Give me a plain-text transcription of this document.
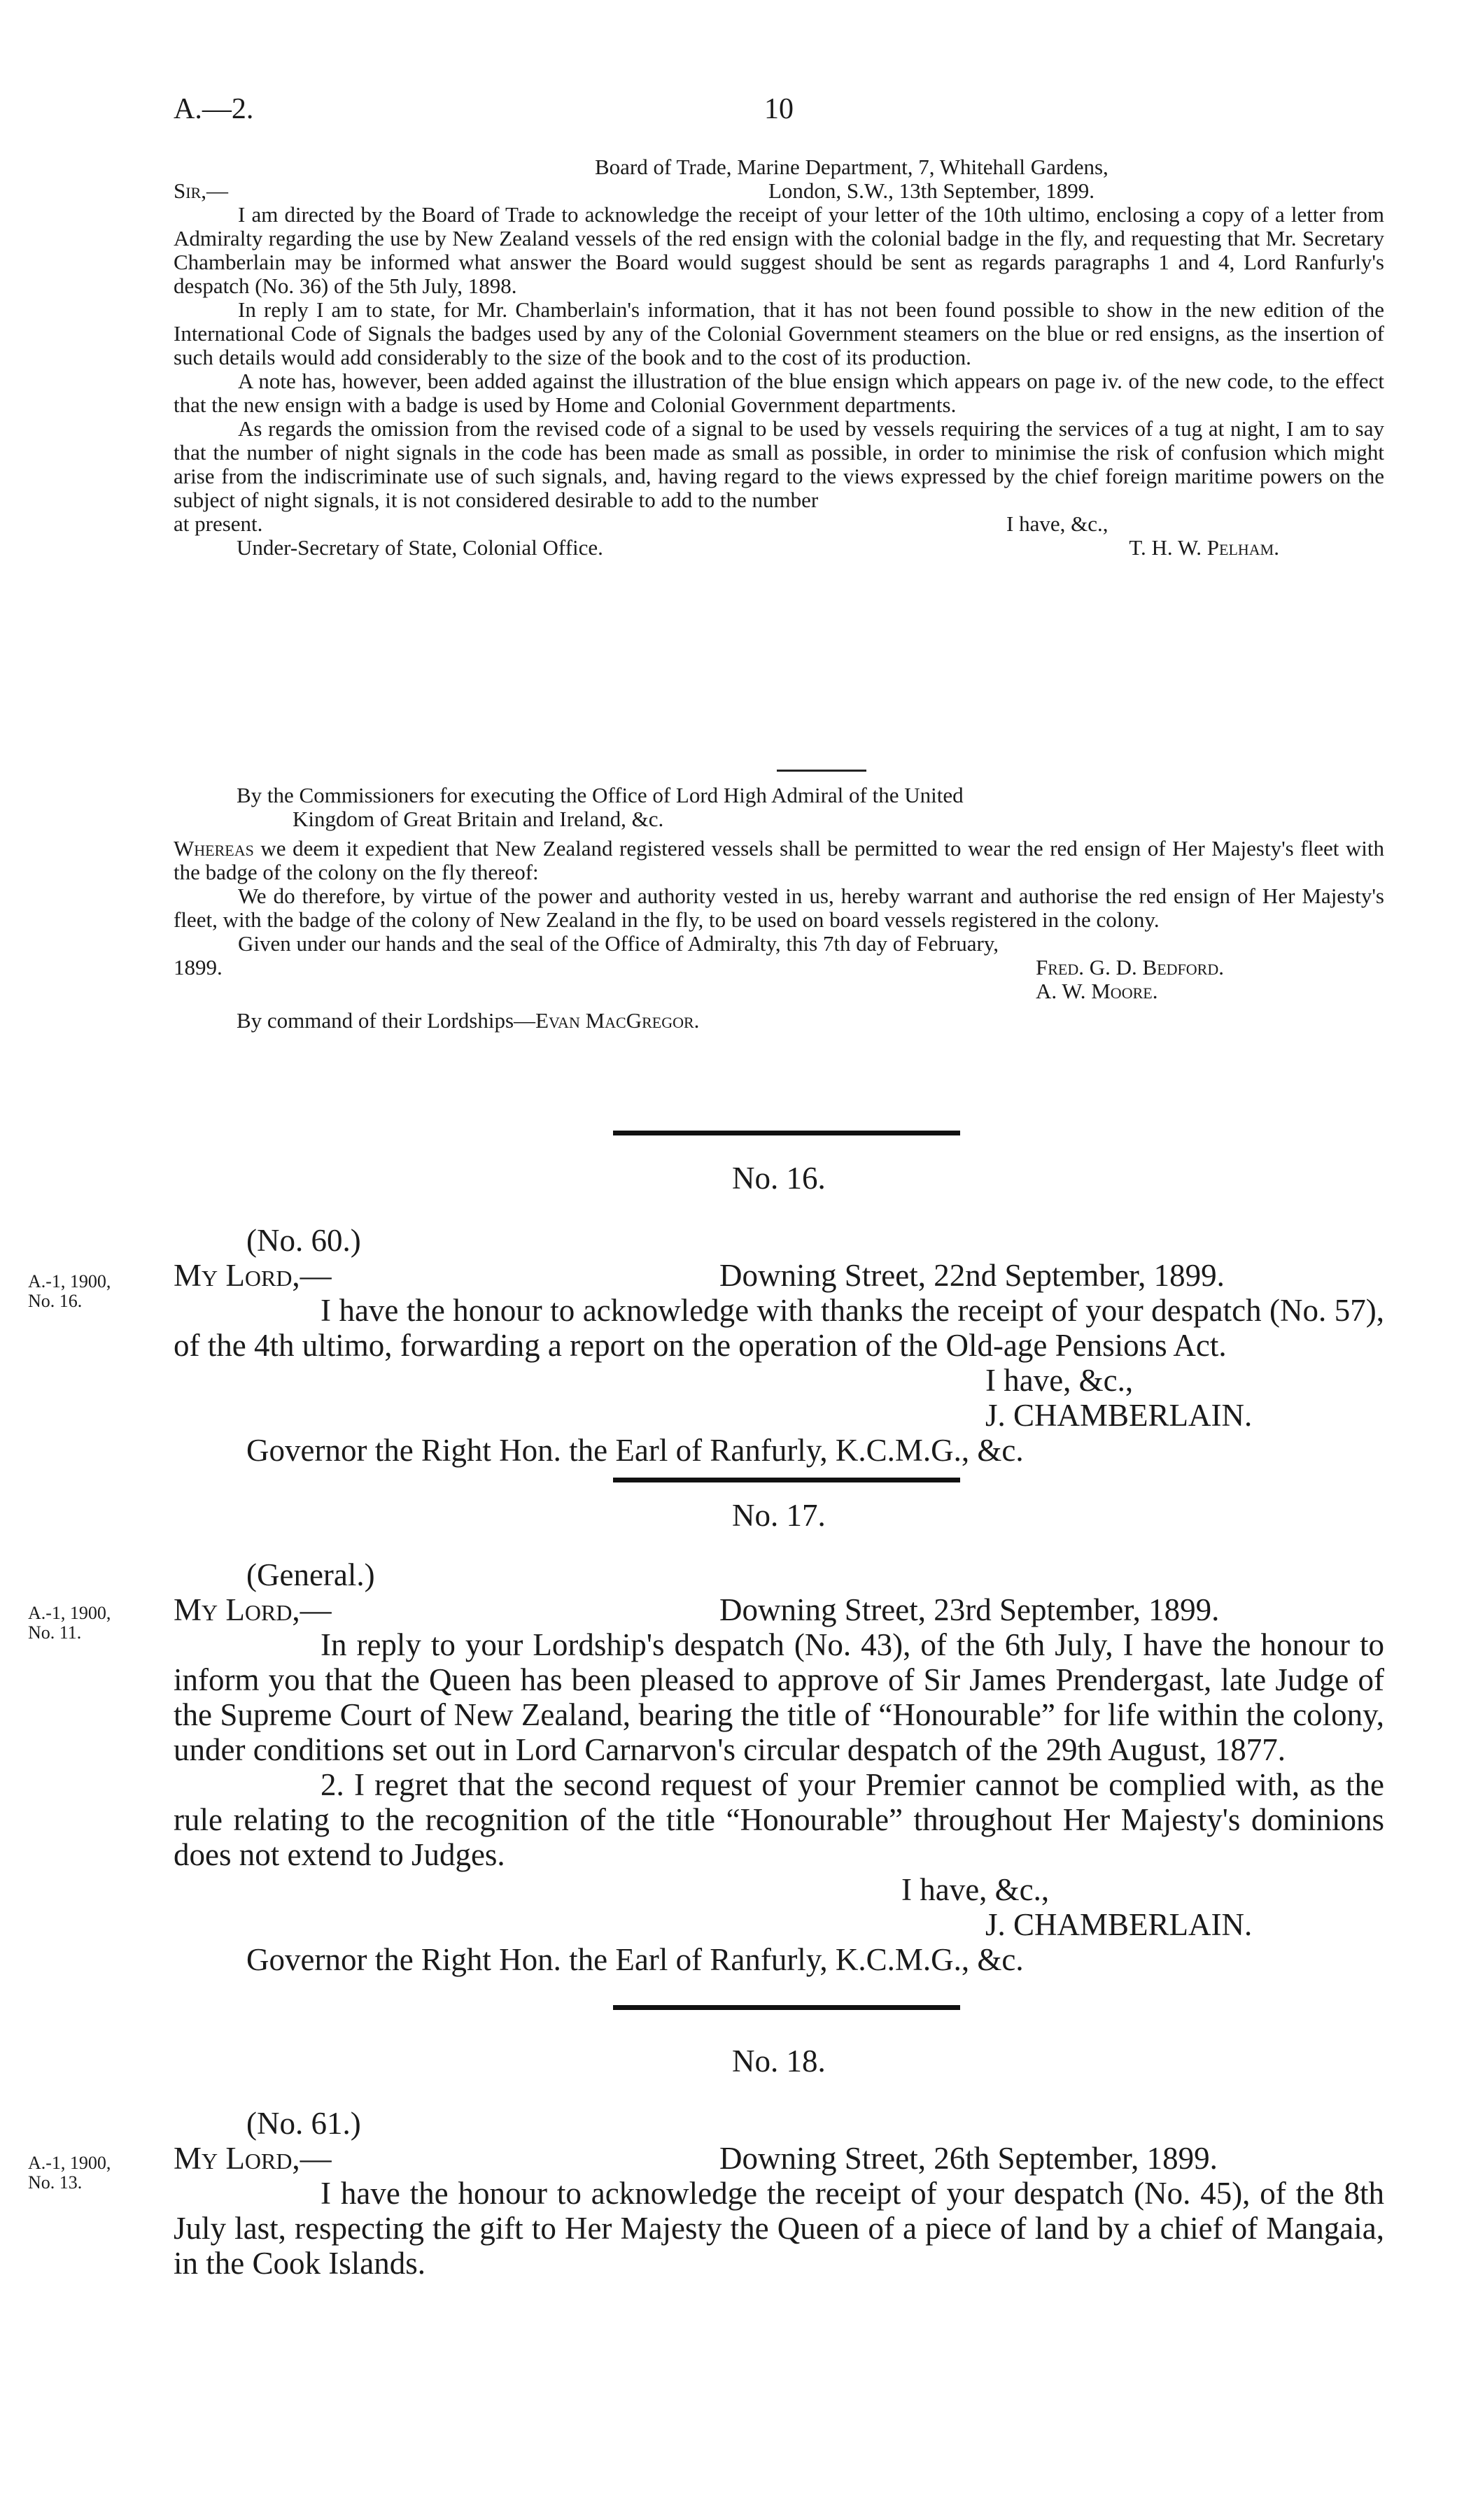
A.—2.	10

Board of Trade, Marine Department, 7, Whitehall Gardens,

Sir,—	London, S.W., 13th September, 1899.

I am directed by the Board of Trade to acknowledge the receipt of your letter of the 10th ultimo, enclosing a copy of a letter from Admiralty regarding the use by New Zealand vessels of the red ensign with the colonial badge in the fly, and requesting that Mr. Secretary Chamberlain may be informed what answer the Board would suggest should be sent as regards paragraphs 1 and 4, Lord Ranfurly's despatch (No. 36) of the 5th July, 1898.

In reply I am to state, for Mr. Chamberlain's information, that it has not been found possible to show in the new edition of the International Code of Signals the badges used by any of the Colonial Government steamers on the blue or red ensigns, as the insertion of such details would add considerably to the size of the book and to the cost of its production.

A note has, however, been added against the illustration of the blue ensign which appears on page iv. of the new code, to the effect that the new ensign with a badge is used by Home and Colonial Government departments.

As regards the omission from the revised code of a signal to be used by vessels requiring the services of a tug at night, I am to say that the number of night signals in the code has been made as small as possible, in order to minimise the risk of confusion which might arise from the indiscriminate use of such signals, and, having regard to the views expressed by the chief foreign maritime powers on the subject of night signals, it is not considered desirable to add to the number

at present.	I have, &c.,
Under-Secretary of State, Colonial Office.	T. H. W. Pelham.

By the Commissioners for executing the Office of Lord High Admiral of the United

Kingdom of Great Britain and Ireland, &c.

Whereas we deem it expedient that New Zealand registered vessels shall be permitted to wear the red ensign of Her Majesty's fleet with the badge of the colony on the fly thereof:

We do therefore, by virtue of the power and authority vested in us, hereby warrant and authorise the red ensign of Her Majesty's fleet, with the badge of the colony of New Zealand in the fly, to be used on board vessels registered in the colony.

Given under our hands and the seal of the Office of Admiralty, this 7th day of February,

1899.	Fred. G. D. Bedford.

A. W. Moore.

By command of their Lordships—Evan MacGregor.

No. 16.
A.-1, 1900,
No. 16.

(No. 60.)

My Lord,—	Downing Street, 22nd September, 1899.

I have the honour to acknowledge with thanks the receipt of your despatch (No. 57), of the 4th ultimo, forwarding a report on the operation of the Old-age Pensions Act.

I have, &c.,

J. CHAMBERLAIN.

Governor the Right Hon. the Earl of Ranfurly, K.C.M.G., &c.

No. 17.
A.-1, 1900,
No. 11.

(General.)

My Lord,—	Downing Street, 23rd September, 1899.

In reply to your Lordship's despatch (No. 43), of the 6th July, I have the honour to inform you that the Queen has been pleased to approve of Sir James Prendergast, late Judge of the Supreme Court of New Zealand, bearing the title of “Honourable” for life within the colony, under conditions set out in Lord Carnarvon's circular despatch of the 29th August, 1877.

2. I regret that the second request of your Premier cannot be complied with, as the rule relating to the recognition of the title “Honourable” throughout Her Majesty's dominions does not extend to Judges.

I have, &c.,

J. CHAMBERLAIN.

Governor the Right Hon. the Earl of Ranfurly, K.C.M.G., &c.

No. 18.
A.-1, 1900,
No. 13.

(No. 61.)

My Lord,—	Downing Street, 26th September, 1899.

I have the honour to acknowledge the receipt of your despatch (No. 45), of the 8th July last, respecting the gift to Her Majesty the Queen of a piece of land by a chief of Mangaia, in the Cook Islands.
